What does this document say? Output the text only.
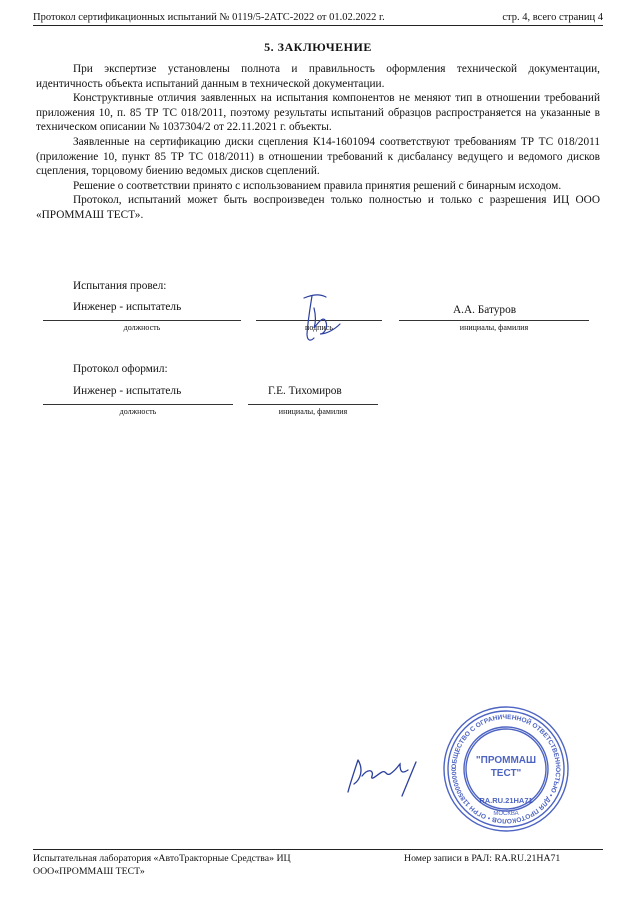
Протокол сертификационных испытаний № 0119/5-2АТС-2022 от 01.02.2022 г.	стр. 4, всего страниц 4
5. ЗАКЛЮЧЕНИЕ

При экспертизе установлены полнота и правильность оформления технической документации, идентичность объекта испытаний данным в технической документации.

Конструктивные отличия заявленных на испытания компонентов не меняют тип в отношении требований приложения 10, п. 85 ТР ТС 018/2011, поэтому результаты испытаний образцов распространяется на указанные в техническом описании № 1037304/2 от 22.11.2021 г. объекты.

Заявленные на сертификацию диски сцепления К14-1601094 соответствуют требованиям ТР ТС 018/2011 (приложение 10, пункт 85 ТР ТС 018/2011) в отношении требований к дисбалансу ведущего и ведомого дисков сцепления, торцовому биению ведомых дисков сцеплений.

Решение о соответствии принято с использованием правила принятия решений с бинарным исходом.

Протокол, испытаний может быть воспроизведен только полностью и только с разрешения ИЦ ООО «ПРОММАШ ТЕСТ».

Испытания провел:
Инженер - испытатель	А.А. Батуров
должность	подпись	инициалы, фамилия
Протокол оформил:
Инженер - испытатель	Г.Е. Тихомиров
должность	инициалы, фамилия
ОБЩЕСТВО С ОГРАНИЧЕННОЙ ОТВЕТСТВЕННОСТЬЮ • ДЛЯ ПРОТОКОЛОВ • ОГРН 11850000000
"ПРОММАШ
ТЕСТ"
RA.RU.21НА71
МОСКВА
Испытательная лаборатория «АвтоТракторные Средства» ИЦ
ООО«ПРОММАШ ТЕСТ»
Номер записи в РАЛ: RA.RU.21НА71
